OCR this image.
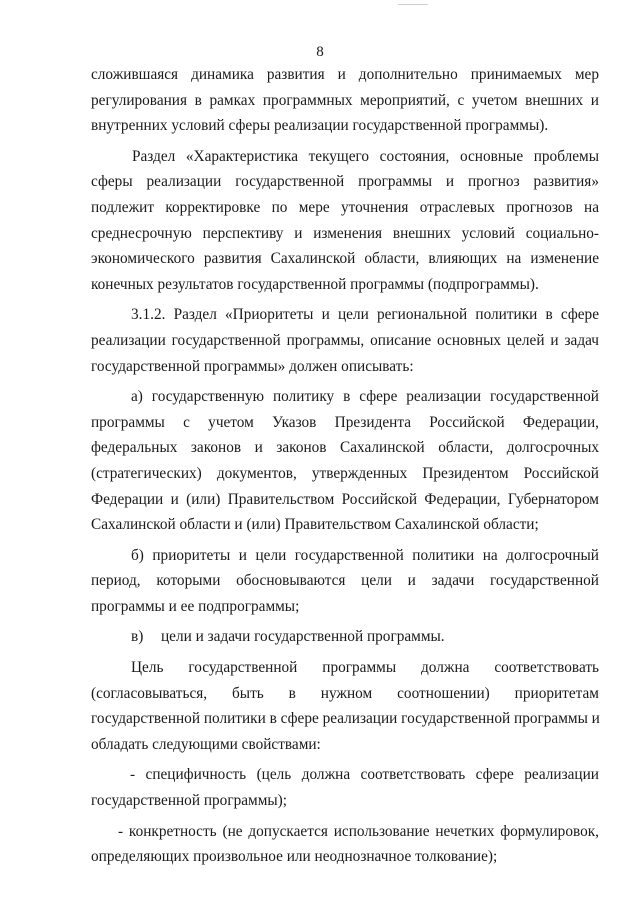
8
сложившаяся динамика развития и дополнительно принимаемых мер
регулирования в рамках программных мероприятий, с учетом внешних и
внутренних условий сферы реализации государственной программы).
Раздел «Характеристика текущего состояния, основные проблемы
сферы реализации государственной программы и прогноз развития»
подлежит корректировке по мере уточнения отраслевых прогнозов на
среднесрочную перспективу и изменения внешних условий социально-
экономического развития Сахалинской области, влияющих на изменение
конечных результатов государственной программы (подпрограммы).
3.1.2. Раздел «Приоритеты и цели региональной политики в сфере
реализации государственной программы, описание основных целей и задач
государственной программы» должен описывать:
а) государственную политику в сфере реализации государственной
программы с учетом Указов Президента Российской Федерации,
федеральных законов и законов Сахалинской области, долгосрочных
(стратегических) документов, утвержденных Президентом Российской
Федерации и (или) Правительством Российской Федерации, Губернатором
Сахалинской области и (или) Правительством Сахалинской области;
б) приоритеты и цели государственной политики на долгосрочный
период, которыми обосновываются цели и задачи государственной
программы и ее подпрограммы;
в) цели и задачи государственной программы.
Цель государственной программы должна соответствовать
(согласовываться, быть в нужном соотношении) приоритетам
государственной политики в сфере реализации государственной программы и
обладать следующими свойствами:
- специфичность (цель должна соответствовать сфере реализации
государственной программы);
- конкретность (не допускается использование нечетких формулировок,
определяющих произвольное или неоднозначное толкование);
